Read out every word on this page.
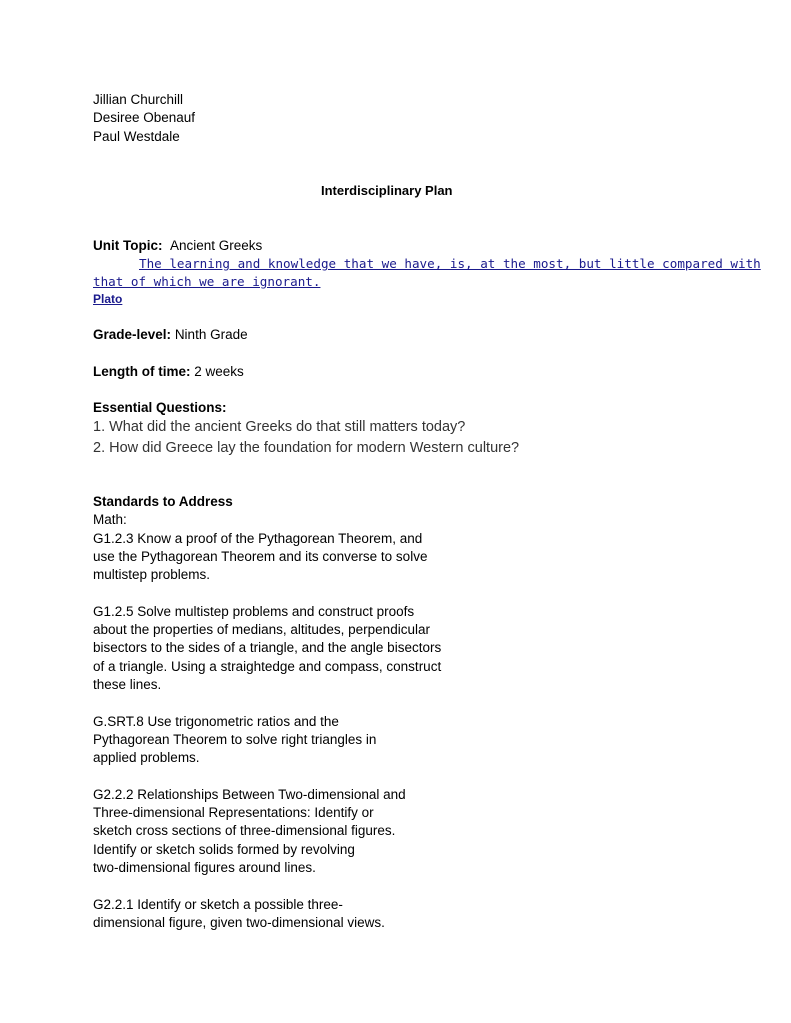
Jillian Churchill
Desiree Obenauf
Paul Westdale
Interdisciplinary Plan
Unit Topic: Ancient Greeks
The learning and knowledge that we have, is, at the most, but little compared with
that of which we are ignorant.
Plato
Grade-level: Ninth Grade
Length of time: 2 weeks
Essential Questions:
1. What did the ancient Greeks do that still matters today?
2. How did Greece lay the foundation for modern Western culture?
Standards to Address
Math:
G1.2.3 Know a proof of the Pythagorean Theorem, and
use the Pythagorean Theorem and its converse to solve
multistep problems.

G1.2.5 Solve multistep problems and construct proofs
about the properties of medians, altitudes, perpendicular
bisectors to the sides of a triangle, and the angle bisectors
of a triangle. Using a straightedge and compass, construct
these lines.

G.SRT.8 Use trigonometric ratios and the
Pythagorean Theorem to solve right triangles in
applied problems.

G2.2.2 Relationships Between Two-dimensional and
Three-dimensional Representations: Identify or
sketch cross sections of three-dimensional figures.
Identify or sketch solids formed by revolving
two-dimensional figures around lines.

G2.2.1 Identify or sketch a possible three-
dimensional figure, given two-dimensional views.
